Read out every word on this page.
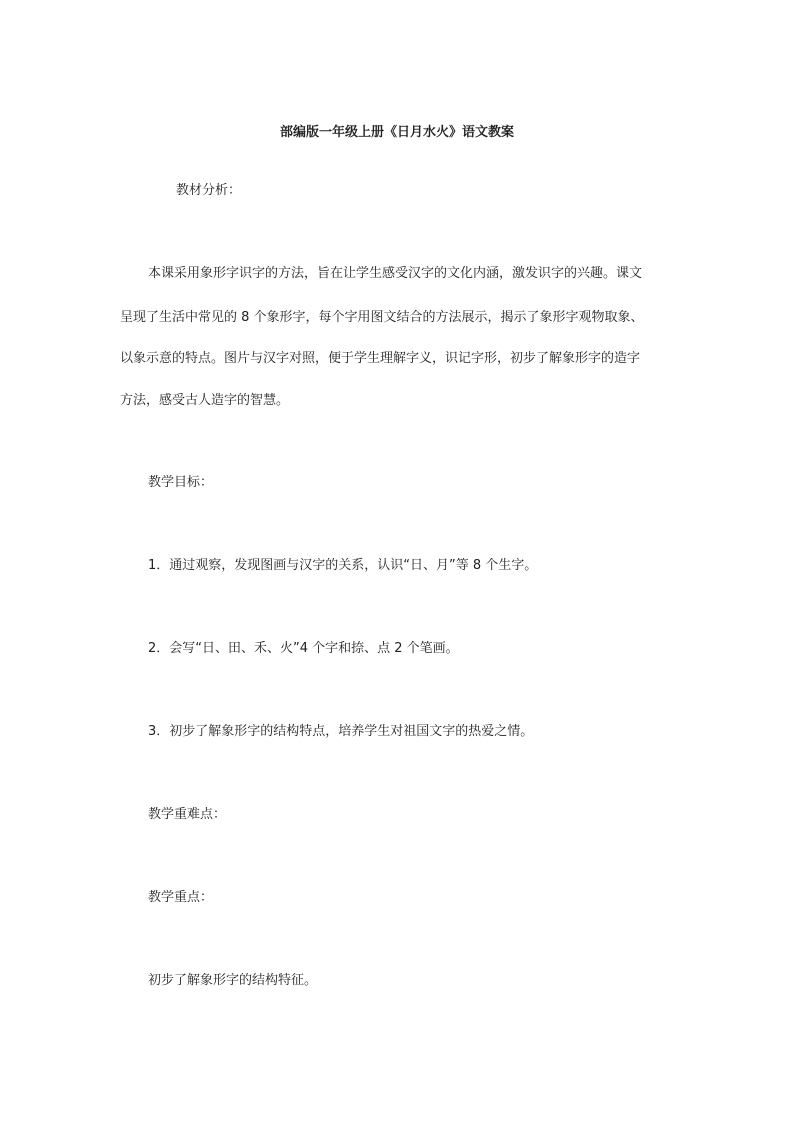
部编版一年级上册《日月水火》语文教案
教材分析：
本课采用象形字识字的方法，旨在让学生感受汉字的文化内涵，激发识字的兴趣。课文
呈现了生活中常见的 8 个象形字，每个字用图文结合的方法展示，揭示了象形字观物取象、
以象示意的特点。图片与汉字对照，便于学生理解字义，识记字形，初步了解象形字的造字
方法，感受古人造字的智慧。
教学目标：
1．通过观察，发现图画与汉字的关系，认识“日、月”等 8 个生字。
2．会写“日、田、禾、火”4 个字和捺、点 2 个笔画。
3．初步了解象形字的结构特点，培养学生对祖国文字的热爱之情。
教学重难点：
教学重点：
初步了解象形字的结构特征。
